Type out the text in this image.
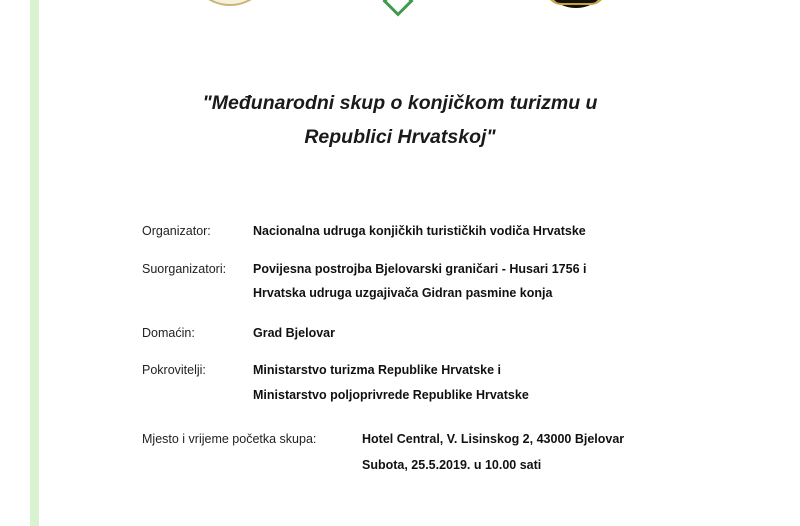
"Međunarodni skup o konjičkom turizmu u
Republici Hrvatskoj"
Organizator:	Nacionalna udruga konjičkih turističkih vodiča Hrvatske
Suorganizatori: Povijesna postrojba Bjelovarski graničari - Husari 1756 i
Hrvatska udruga uzgajivača Gidran pasmine konja
Domaćin:	Grad Bjelovar
Pokrovitelji:	Ministarstvo turizma Republike Hrvatske i
Ministarstvo poljoprivrede Republike Hrvatske
Mjesto i vrijeme početka skupa:	Hotel Central, V. Lisinskog 2, 43000 Bjelovar
Subota, 25.5.2019. u 10.00 sati
